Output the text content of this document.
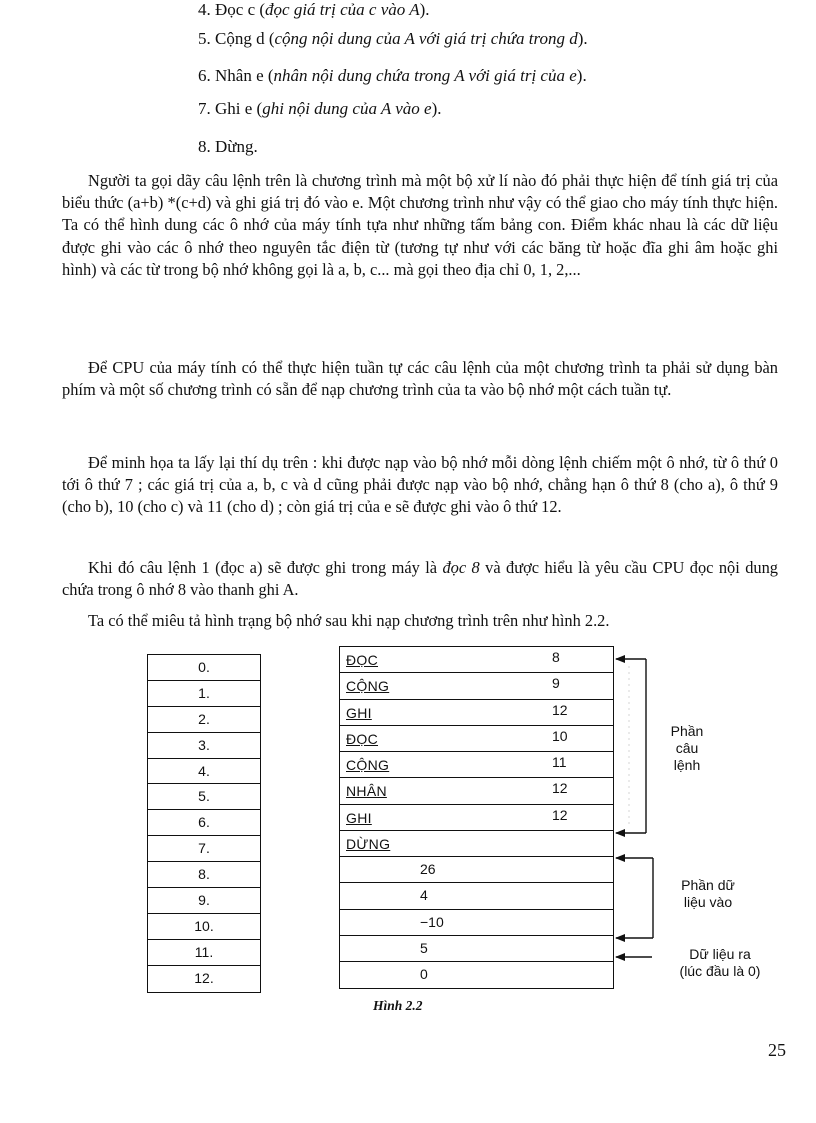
4. Đọc c (đọc giá trị của c vào A).
5. Cộng d (cộng nội dung của A với giá trị chứa trong d).
6. Nhân e (nhân nội dung chứa trong A với giá trị của e).
7. Ghi e (ghi nội dung của A vào e).
8. Dừng.

Người ta gọi dãy câu lệnh trên là chương trình mà một bộ xử lí nào đó phải thực hiện để tính giá trị của biểu thức (a+b) *(c+d) và ghi giá trị đó vào e. Một chương trình như vậy có thể giao cho máy tính thực hiện. Ta có thể hình dung các ô nhớ của máy tính tựa như những tấm bảng con. Điểm khác nhau là các dữ liệu được ghi vào các ô nhớ theo nguyên tắc điện từ (tương tự như với các băng từ hoặc đĩa ghi âm hoặc ghi hình) và các từ trong bộ nhớ không gọi là a, b, c... mà gọi theo địa chỉ 0, 1, 2,...

Để CPU của máy tính có thể thực hiện tuần tự các câu lệnh của một chương trình ta phải sử dụng bàn phím và một số chương trình có sẵn để nạp chương trình của ta vào bộ nhớ một cách tuần tự.

Để minh họa ta lấy lại thí dụ trên : khi được nạp vào bộ nhớ mỗi dòng lệnh chiếm một ô nhớ, từ ô thứ 0 tới ô thứ 7 ; các giá trị của a, b, c và d cũng phải được nạp vào bộ nhớ, chẳng hạn ô thứ 8 (cho a), ô thứ 9 (cho b), 10 (cho c) và 11 (cho d) ; còn giá trị của e sẽ được ghi vào ô thứ 12.

Khi đó câu lệnh 1 (đọc a) sẽ được ghi trong máy là đọc 8 và được hiểu là yêu cầu CPU đọc nội dung chứa trong ô nhớ 8 vào thanh ghi A.

Ta có thể miêu tả hình trạng bộ nhớ sau khi nạp chương trình trên như hình 2.2.

0.
1.
2.
3.
4.
5.
6.
7.
8.
9.
10.
11.
12.
ĐỌC	8
CỘNG	9
GHI	12
ĐỌC	10
CỘNG	11
NHÂN	12
GHI	12
DỪNG
26
4
−10
5
0
Phần
câu
lệnh
Phần dữ
liệu vào
Dữ liệu ra
(lúc đầu là 0)
Hình 2.2
25
